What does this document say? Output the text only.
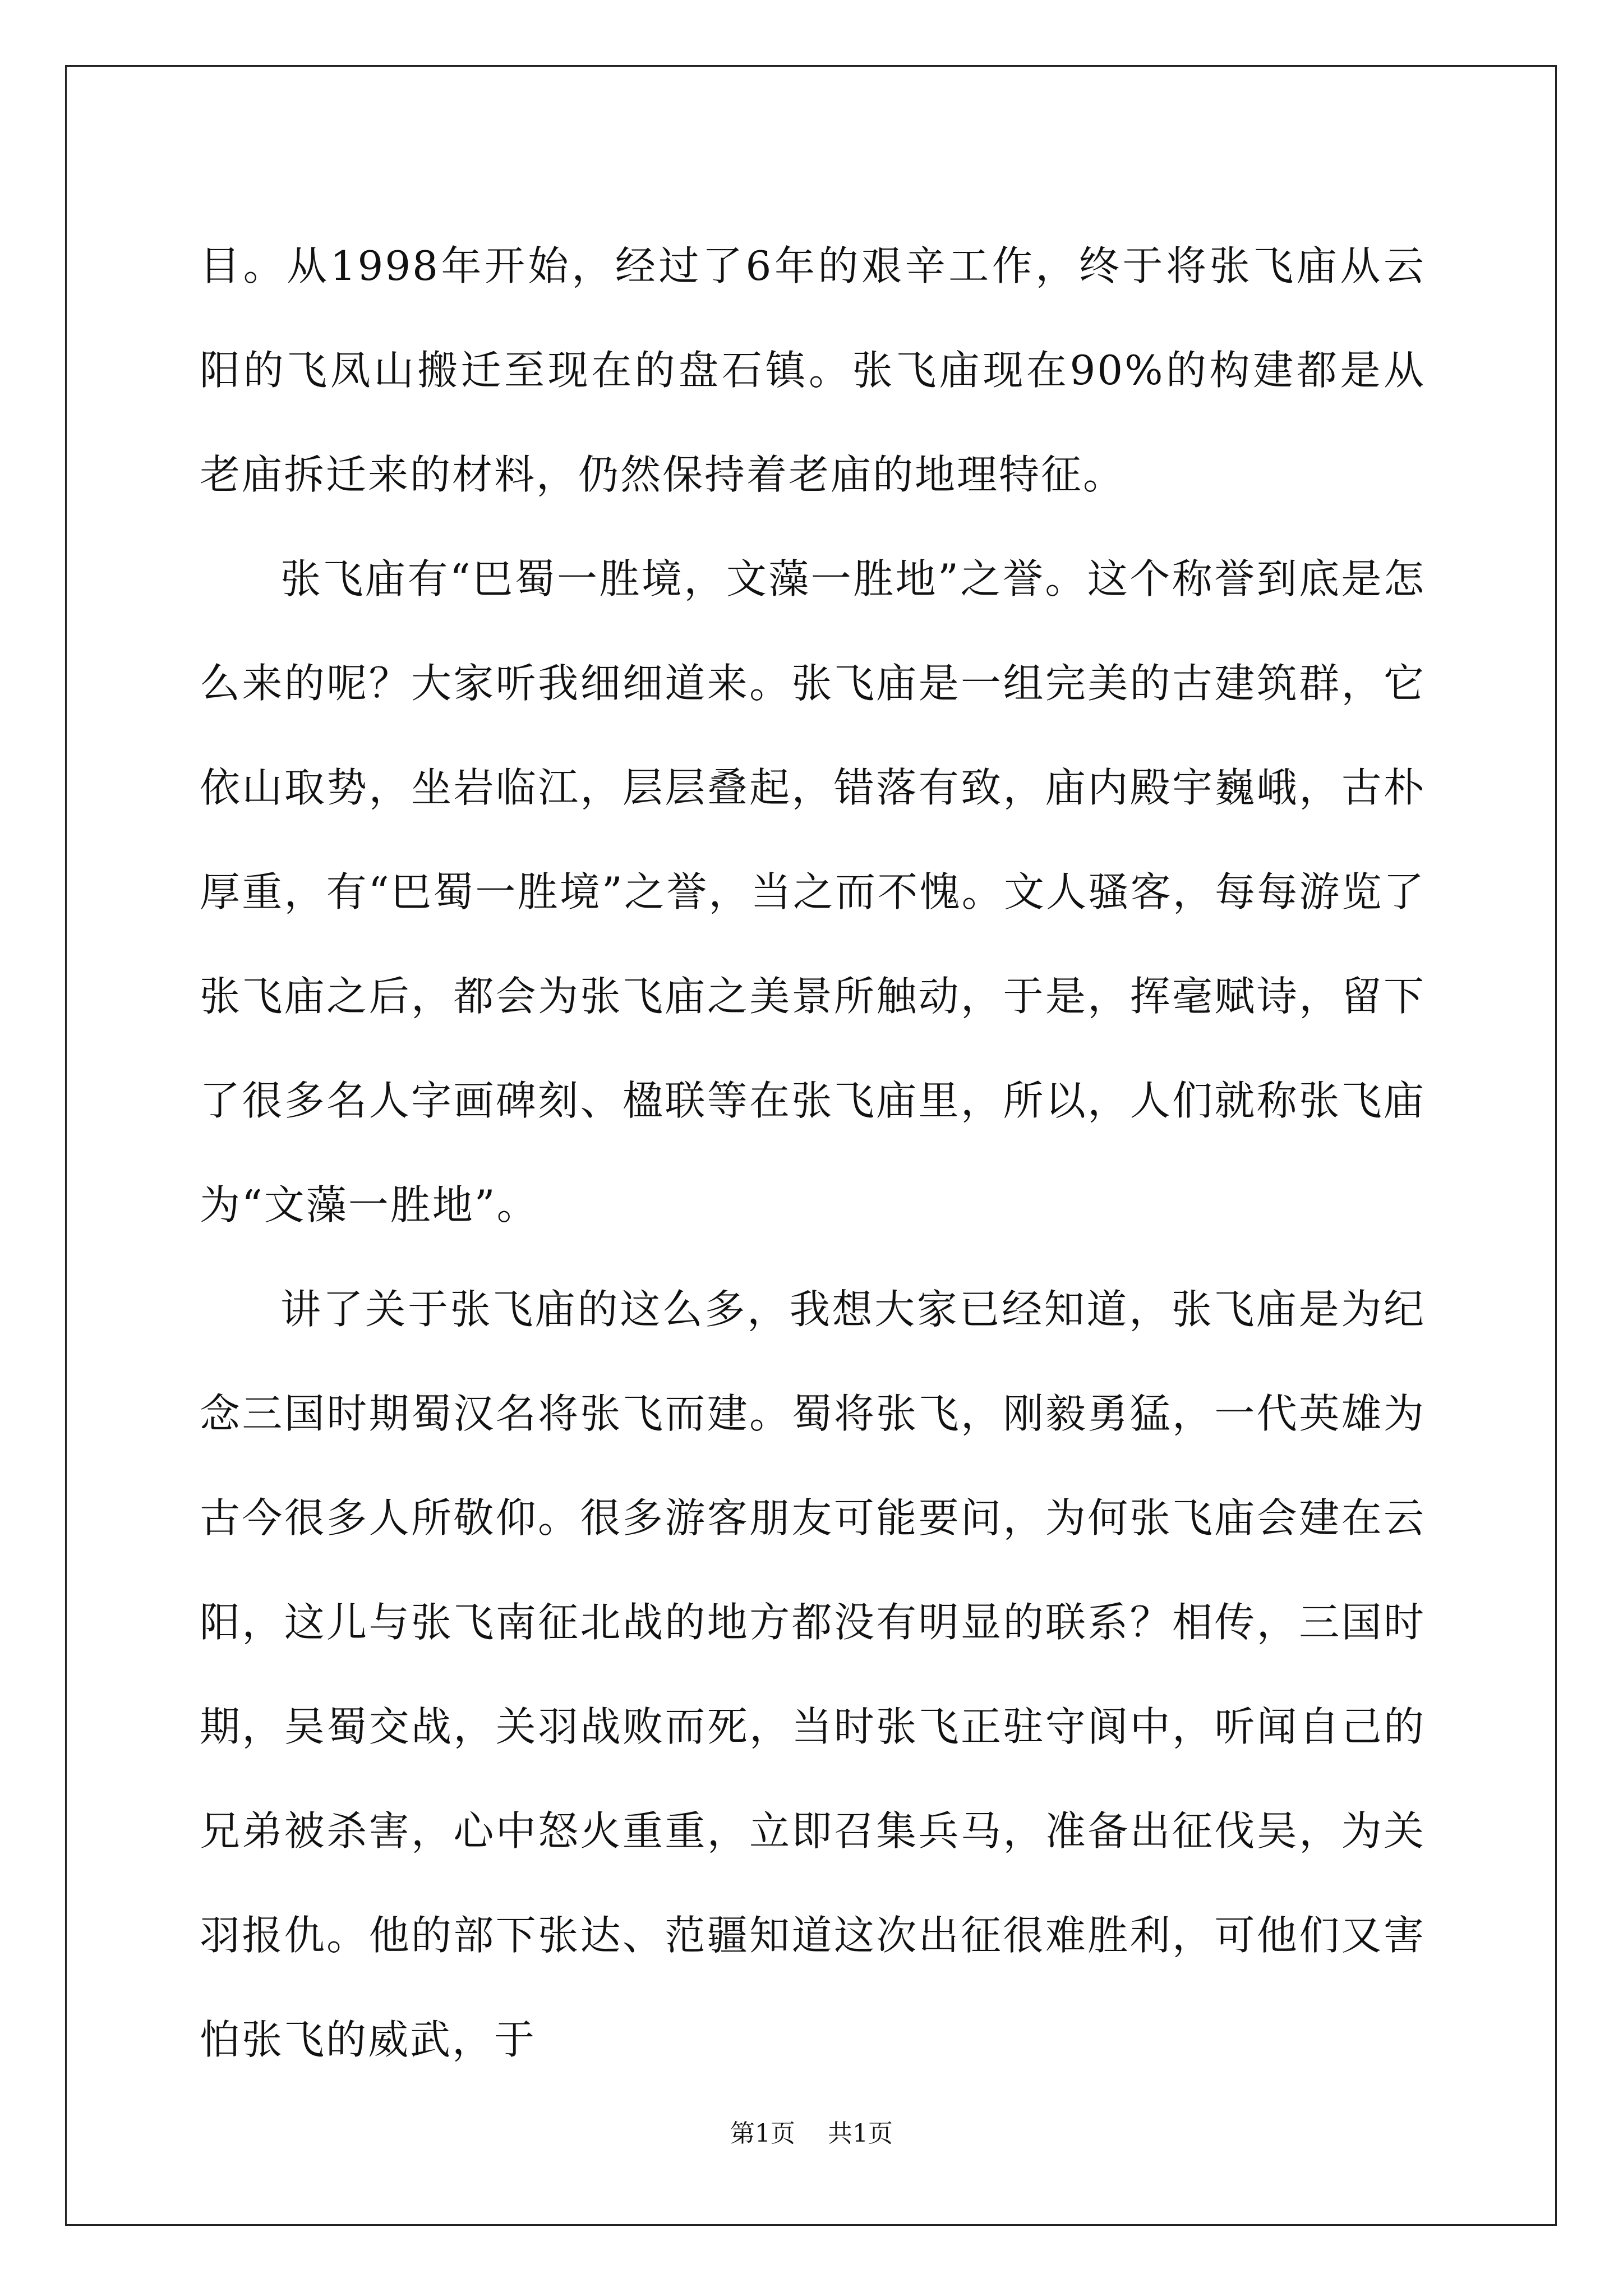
目。从1998年开始，经过了6年的艰辛工作，终于将张飞庙从云阳的飞凤山搬迁至现在的盘石镇。张飞庙现在90%的构建都是从老庙拆迁来的材料，仍然保持着老庙的地理特征。

张飞庙有“巴蜀一胜境，文藻一胜地”之誉。这个称誉到底是怎么来的呢？大家听我细细道来。张飞庙是一组完美的古建筑群，它依山取势，坐岩临江，层层叠起，错落有致，庙内殿宇巍峨，古朴厚重，有“巴蜀一胜境”之誉，当之而不愧。文人骚客，每每游览了张飞庙之后，都会为张飞庙之美景所触动，于是，挥毫赋诗，留下了很多名人字画碑刻、楹联等在张飞庙里，所以，人们就称张飞庙为“文藻一胜地”。

讲了关于张飞庙的这么多，我想大家已经知道，张飞庙是为纪念三国时期蜀汉名将张飞而建。蜀将张飞，刚毅勇猛，一代英雄为古今很多人所敬仰。很多游客朋友可能要问，为何张飞庙会建在云阳，这儿与张飞南征北战的地方都没有明显的联系？相传，三国时期，吴蜀交战，关羽战败而死，当时张飞正驻守阆中，听闻自己的兄弟被杀害，心中怒火重重，立即召集兵马，准备出征伐吴，为关羽报仇。他的部下张达、范疆知道这次出征很难胜利，可他们又害怕张飞的威武，于

第1页 共1页
